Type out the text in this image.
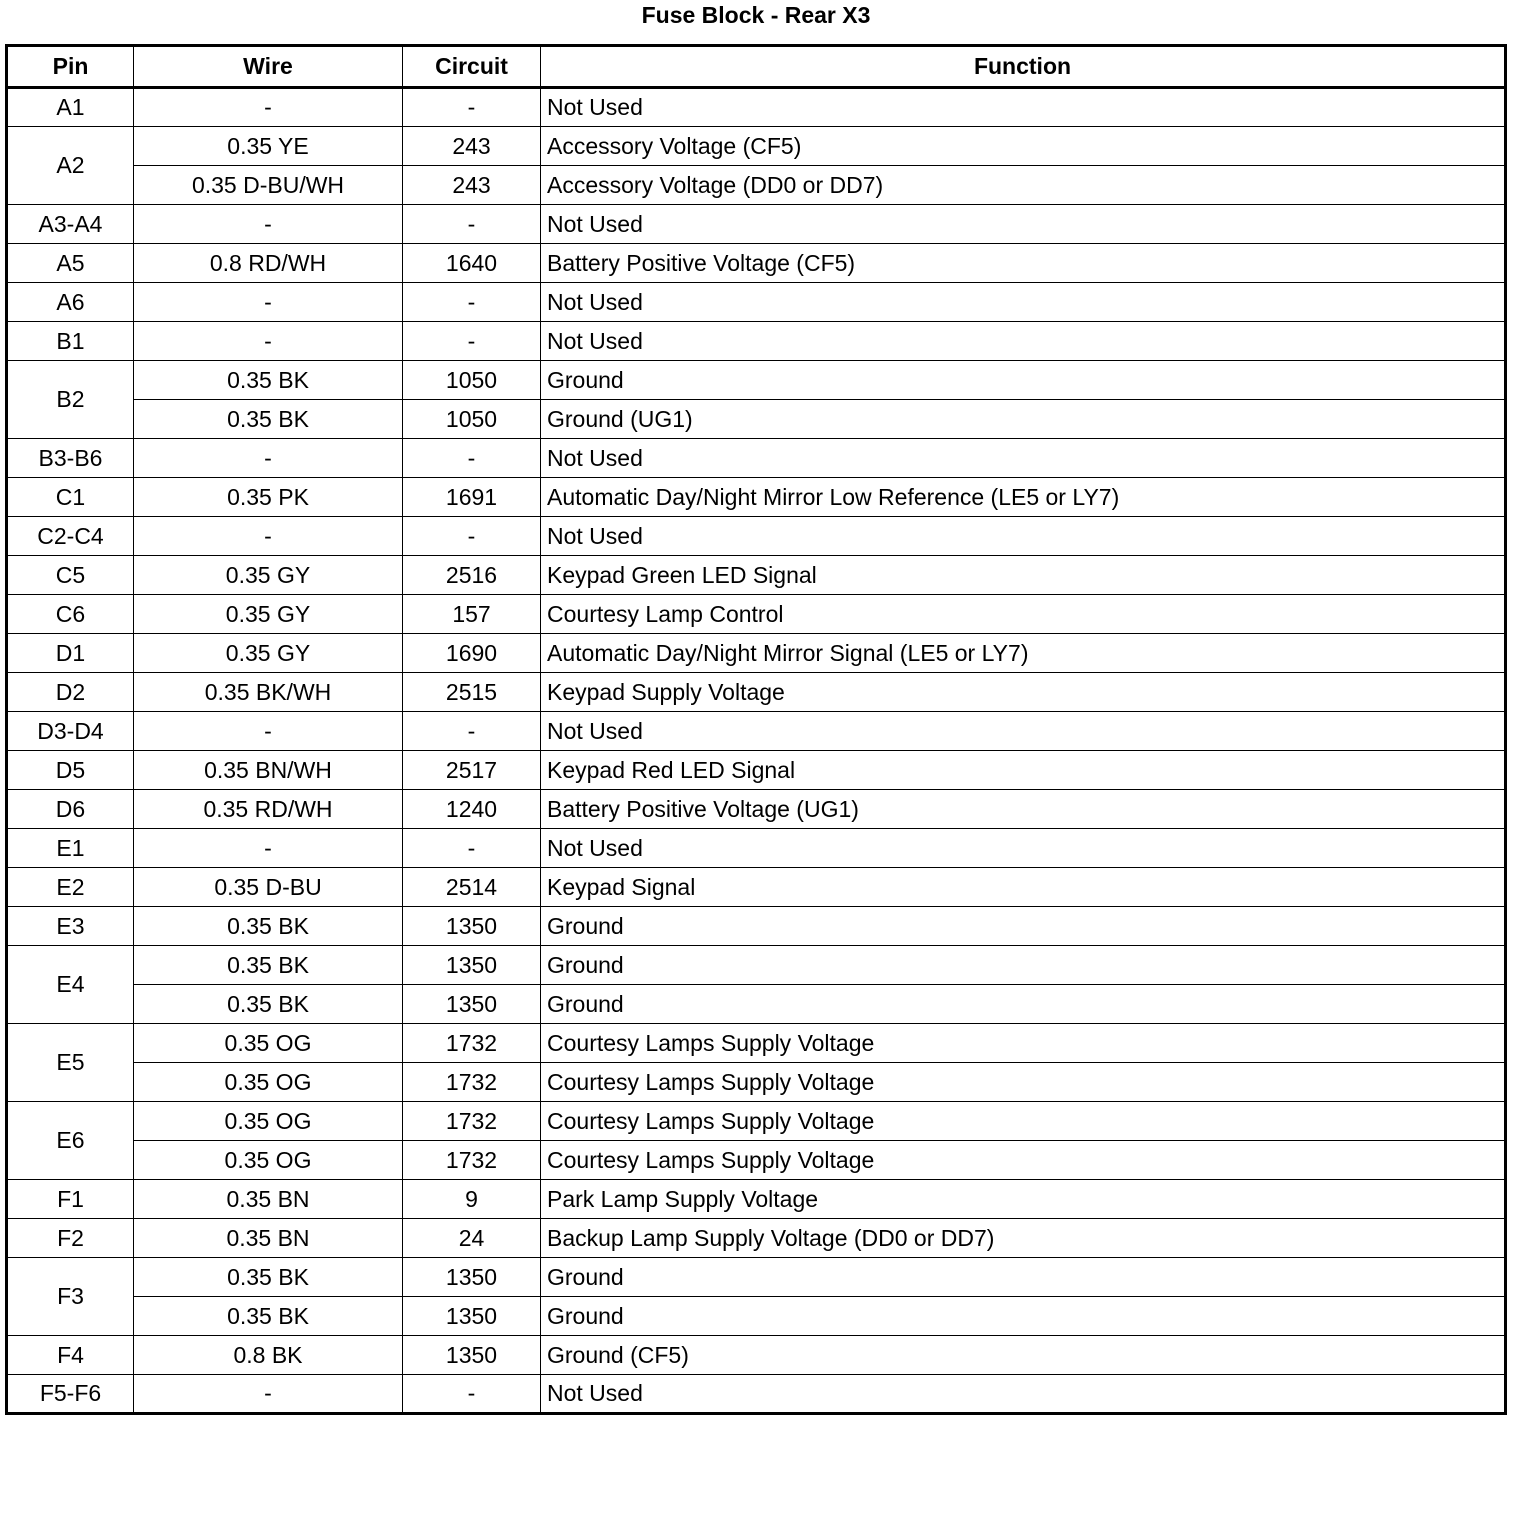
Fuse Block - Rear X3
Pin	Wire	Circuit	Function
A1	-	-	Not Used
A2	0.35 YE	243	Accessory Voltage (CF5)
	0.35 D-BU/WH	243	Accessory Voltage (DD0 or DD7)
A3-A4	-	-	Not Used
A5	0.8 RD/WH	1640	Battery Positive Voltage (CF5)
A6	-	-	Not Used
B1	-	-	Not Used
B2	0.35 BK	1050	Ground
	0.35 BK	1050	Ground (UG1)
B3-B6	-	-	Not Used
C1	0.35 PK	1691	Automatic Day/Night Mirror Low Reference (LE5 or LY7)
C2-C4	-	-	Not Used
C5	0.35 GY	2516	Keypad Green LED Signal
C6	0.35 GY	157	Courtesy Lamp Control
D1	0.35 GY	1690	Automatic Day/Night Mirror Signal (LE5 or LY7)
D2	0.35 BK/WH	2515	Keypad Supply Voltage
D3-D4	-	-	Not Used
D5	0.35 BN/WH	2517	Keypad Red LED Signal
D6	0.35 RD/WH	1240	Battery Positive Voltage (UG1)
E1	-	-	Not Used
E2	0.35 D-BU	2514	Keypad Signal
E3	0.35 BK	1350	Ground
E4	0.35 BK	1350	Ground
	0.35 BK	1350	Ground
E5	0.35 OG	1732	Courtesy Lamps Supply Voltage
	0.35 OG	1732	Courtesy Lamps Supply Voltage
E6	0.35 OG	1732	Courtesy Lamps Supply Voltage
	0.35 OG	1732	Courtesy Lamps Supply Voltage
F1	0.35 BN	9	Park Lamp Supply Voltage
F2	0.35 BN	24	Backup Lamp Supply Voltage (DD0 or DD7)
F3	0.35 BK	1350	Ground
	0.35 BK	1350	Ground
F4	0.8 BK	1350	Ground (CF5)
F5-F6	-	-	Not Used
